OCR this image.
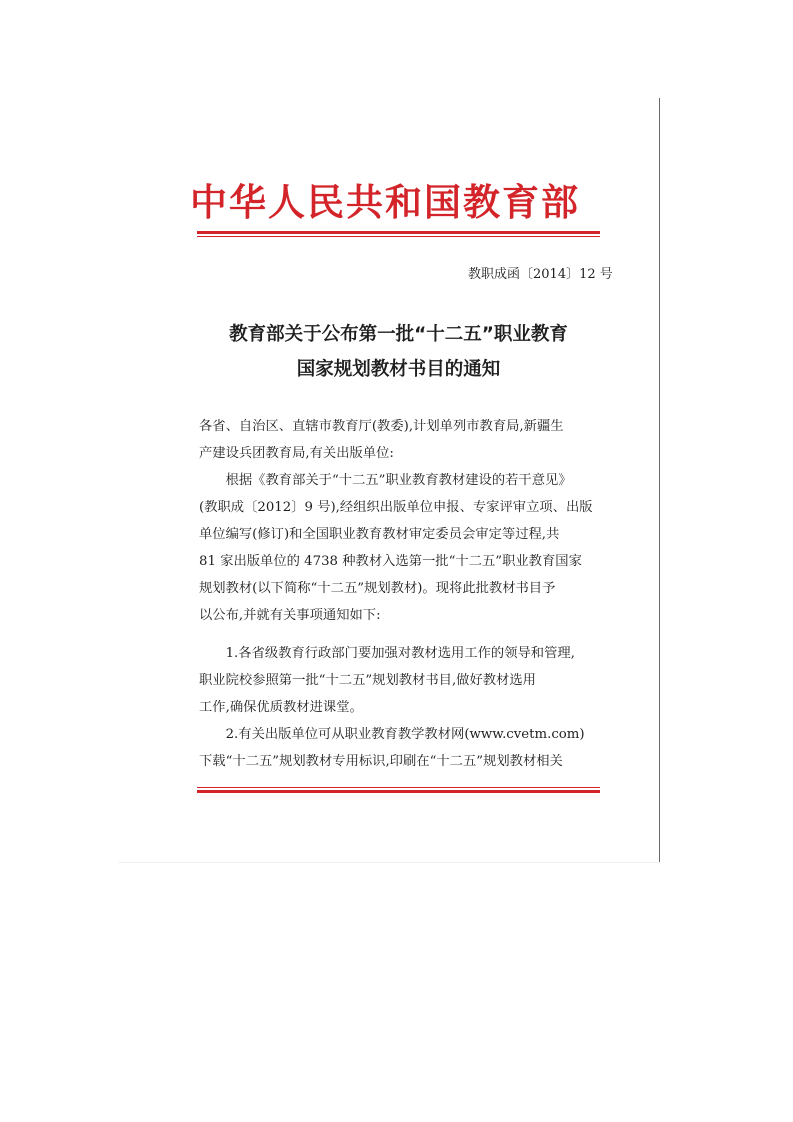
中华人民共和国教育部
教职成函〔2014〕12 号
教育部关于公布第一批“十二五”职业教育
国家规划教材书目的通知
各省、自治区、直辖市教育厅(教委),计划单列市教育局,新疆生
产建设兵团教育局,有关出版单位:
　　根据《教育部关于“十二五”职业教育教材建设的若干意见》
(教职成〔2012〕9 号),经组织出版单位申报、专家评审立项、出版
单位编写(修订)和全国职业教育教材审定委员会审定等过程,共
81 家出版单位的 4738 种教材入选第一批“十二五”职业教育国家
规划教材(以下简称“十二五”规划教材)。现将此批教材书目予
以公布,并就有关事项通知如下:
　　1.各省级教育行政部门要加强对教材选用工作的领导和管理,
职业院校参照第一批“十二五”规划教材书目,做好教材选用
工作,确保优质教材进课堂。
　　2.有关出版单位可从职业教育教学教材网(www.cvetm.com)
下载“十二五”规划教材专用标识,印刷在“十二五”规划教材相关
